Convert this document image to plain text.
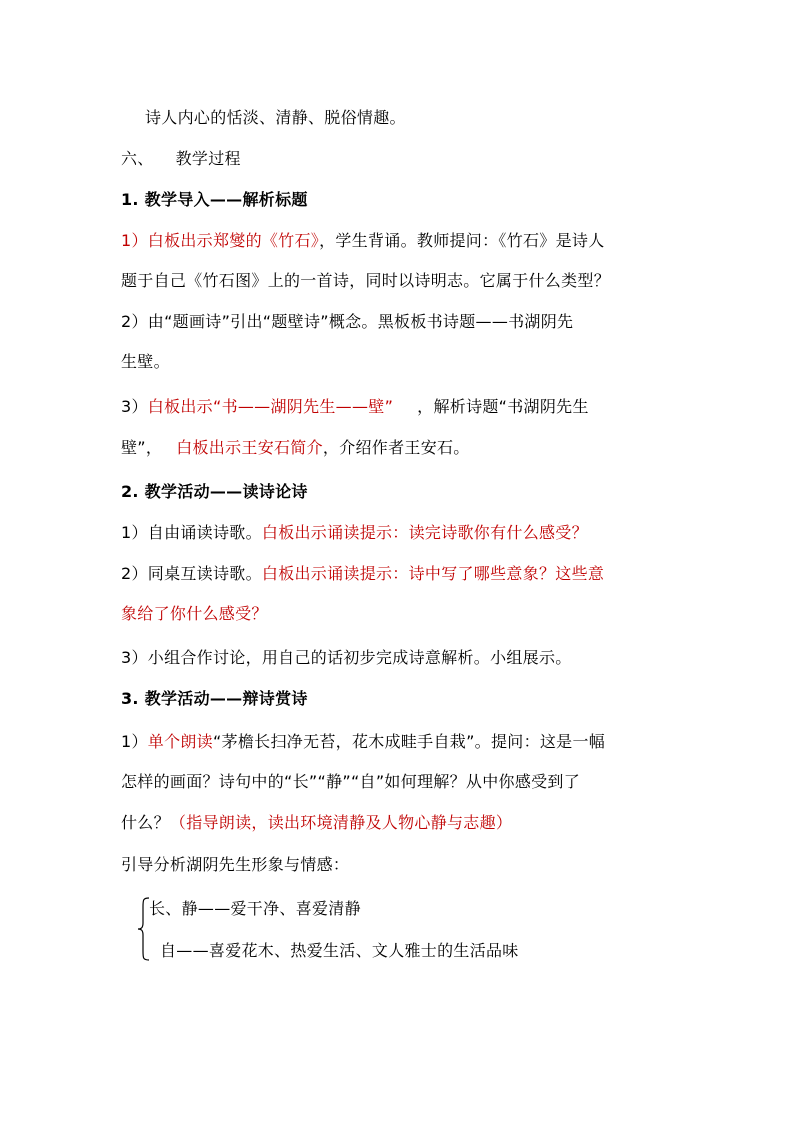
诗人内心的恬淡、清静、脱俗情趣。
六、 教学过程
1. 教学导入——解析标题
1）白板出示郑燮的《竹石》，学生背诵。教师提问：《竹石》是诗人
题于自己《竹石图》上的一首诗，同时以诗明志。它属于什么类型？
2）由“题画诗”引出“题壁诗”概念。黑板板书诗题——书湖阴先
生壁。
3）白板出示“书——湖阴先生——壁” ，解析诗题“书湖阴先生
壁”， 白板出示王安石简介，介绍作者王安石。
2. 教学活动——读诗论诗
1）自由诵读诗歌。白板出示诵读提示：读完诗歌你有什么感受？
2）同桌互读诗歌。白板出示诵读提示：诗中写了哪些意象？这些意
象给了你什么感受？
3）小组合作讨论，用自己的话初步完成诗意解析。小组展示。
3. 教学活动——辩诗赏诗
1）单个朗读“茅檐长扫净无苔，花木成畦手自栽”。提问：这是一幅
怎样的画面？诗句中的“长”“静”“自”如何理解？从中你感受到了
什么？（指导朗读，读出环境清静及人物心静与志趣）
引导分析湖阴先生形象与情感：
长、静——爱干净、喜爱清静
自——喜爱花木、热爱生活、文人雅士的生活品味
